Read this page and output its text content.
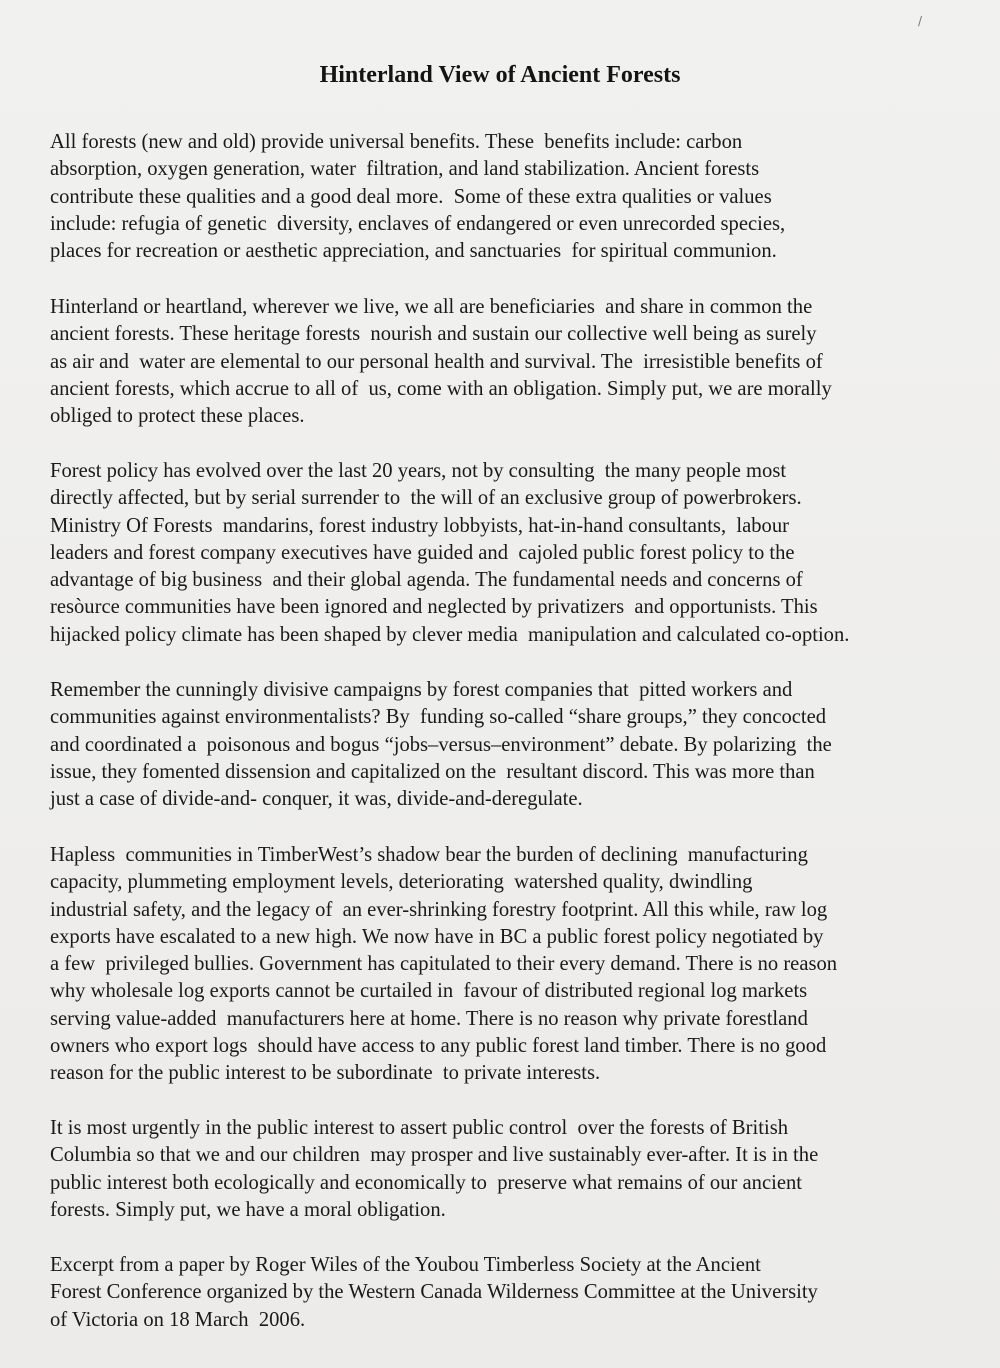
/
Hinterland View of Ancient Forests
All forests (new and old) provide universal benefits. These  benefits include: carbon
absorption, oxygen generation, water  filtration, and land stabilization. Ancient forests
contribute these qualities and a good deal more.  Some of these extra qualities or values
include: refugia of genetic  diversity, enclaves of endangered or even unrecorded species,
places for recreation or aesthetic appreciation, and sanctuaries  for spiritual communion.
Hinterland or heartland, wherever we live, we all are beneficiaries  and share in common the
ancient forests. These heritage forests  nourish and sustain our collective well being as surely
as air and  water are elemental to our personal health and survival. The  irresistible benefits of
ancient forests, which accrue to all of  us, come with an obligation. Simply put, we are morally
obliged to protect these places.
Forest policy has evolved over the last 20 years, not by consulting  the many people most
directly affected, but by serial surrender to  the will of an exclusive group of powerbrokers.
Ministry Of Forests  mandarins, forest industry lobbyists, hat-in-hand consultants,  labour
leaders and forest company executives have guided and  cajoled public forest policy to the
advantage of big business  and their global agenda. The fundamental needs and concerns of
resòurce communities have been ignored and neglected by privatizers  and opportunists. This
hijacked policy climate has been shaped by clever media  manipulation and calculated co-option.
Remember the cunningly divisive campaigns by forest companies that  pitted workers and
communities against environmentalists? By  funding so-called “share groups,” they concocted
and coordinated a  poisonous and bogus “jobs–versus–environment” debate. By polarizing  the
issue, they fomented dissension and capitalized on the  resultant discord. This was more than
just a case of divide-and- conquer, it was, divide-and-deregulate.
Hapless  communities in TimberWest’s shadow bear the burden of declining  manufacturing
capacity, plummeting employment levels, deteriorating  watershed quality, dwindling
industrial safety, and the legacy of  an ever-shrinking forestry footprint. All this while, raw log
exports have escalated to a new high. We now have in BC a public forest policy negotiated by
a few  privileged bullies. Government has capitulated to their every demand. There is no reason
why wholesale log exports cannot be curtailed in  favour of distributed regional log markets
serving value-added  manufacturers here at home. There is no reason why private forestland
owners who export logs  should have access to any public forest land timber. There is no good
reason for the public interest to be subordinate  to private interests.
It is most urgently in the public interest to assert public control  over the forests of British
Columbia so that we and our children  may prosper and live sustainably ever-after. It is in the
public interest both ecologically and economically to  preserve what remains of our ancient
forests. Simply put, we have a moral obligation.
Excerpt from a paper by Roger Wiles of the Youbou Timberless Society at the Ancient
Forest Conference organized by the Western Canada Wilderness Committee at the University
of Victoria on 18 March  2006.
